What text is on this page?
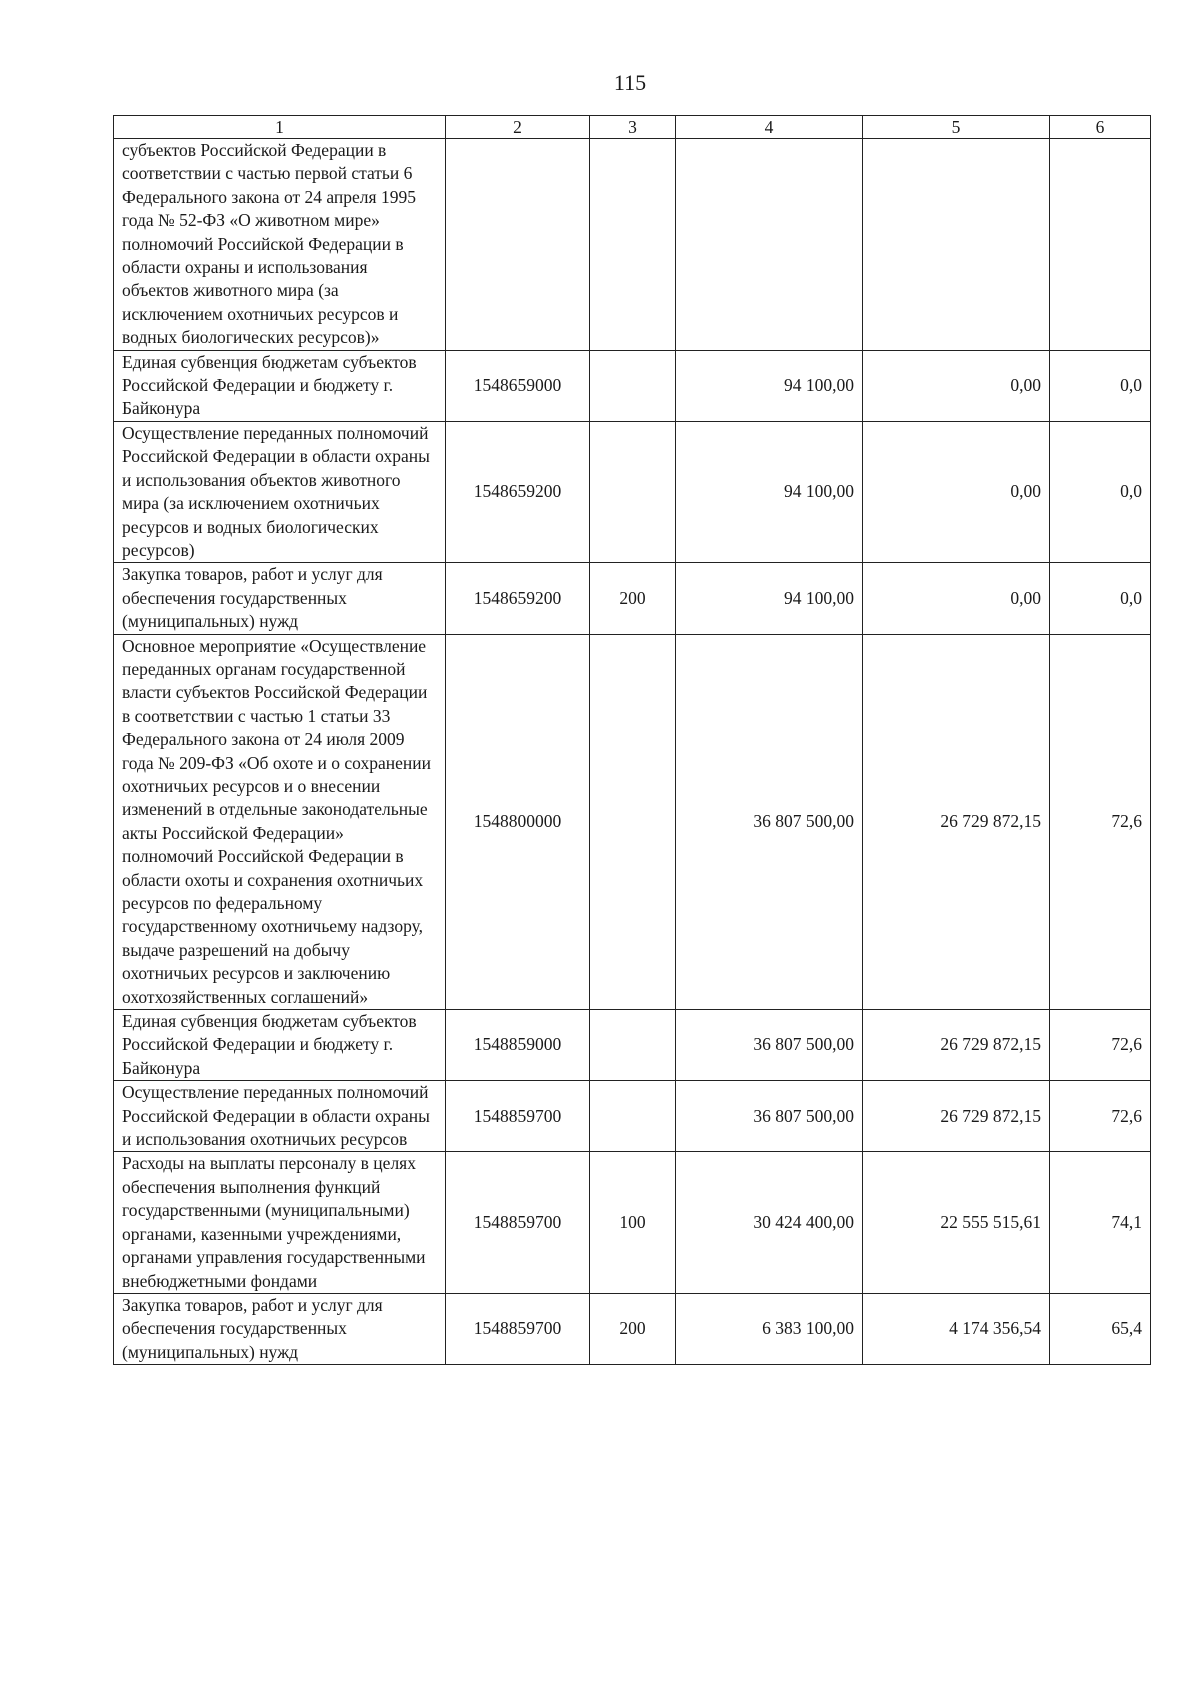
115
1	2	3	4	5	6
субъектов Российской Федерации в соответствии с частью первой статьи 6 Федерального закона от 24 апреля 1995 года № 52-ФЗ «О животном мире» полномочий Российской Федерации в области охраны и использования объектов животного мира (за исключением охотничьих ресурсов и водных биологических ресурсов)»					
Единая субвенция бюджетам субъектов Российской Федерации и бюджету г. Байконура	1548659000		94 100,00	0,00	0,0
Осуществление переданных полномочий Российской Федерации в области охраны и использования объектов животного мира (за исключением охотничьих ресурсов и водных биологических ресурсов)	1548659200		94 100,00	0,00	0,0
Закупка товаров, работ и услуг для обеспечения государственных (муниципальных) нужд	1548659200	200	94 100,00	0,00	0,0
Основное мероприятие «Осуществление переданных органам государственной власти субъектов Российской Федерации в соответствии с частью 1 статьи 33 Федерального закона от 24 июля 2009 года № 209-ФЗ «Об охоте и о сохранении охотничьих ресурсов и о внесении изменений в отдельные законодательные акты Российской Федерации» полномочий Российской Федерации в области охоты и сохранения охотничьих ресурсов по федеральному государственному охотничьему надзору, выдаче разрешений на добычу охотничьих ресурсов и заключению охотхозяйственных соглашений»	1548800000		36 807 500,00	26 729 872,15	72,6
Единая субвенция бюджетам субъектов Российской Федерации и бюджету г. Байконура	1548859000		36 807 500,00	26 729 872,15	72,6
Осуществление переданных полномочий Российской Федерации в области охраны и использования охотничьих ресурсов	1548859700		36 807 500,00	26 729 872,15	72,6
Расходы на выплаты персоналу в целях обеспечения выполнения функций государственными (муниципальными) органами, казенными учреждениями, органами управления государственными внебюджетными фондами	1548859700	100	30 424 400,00	22 555 515,61	74,1
Закупка товаров, работ и услуг для обеспечения государственных (муниципальных) нужд	1548859700	200	6 383 100,00	4 174 356,54	65,4
